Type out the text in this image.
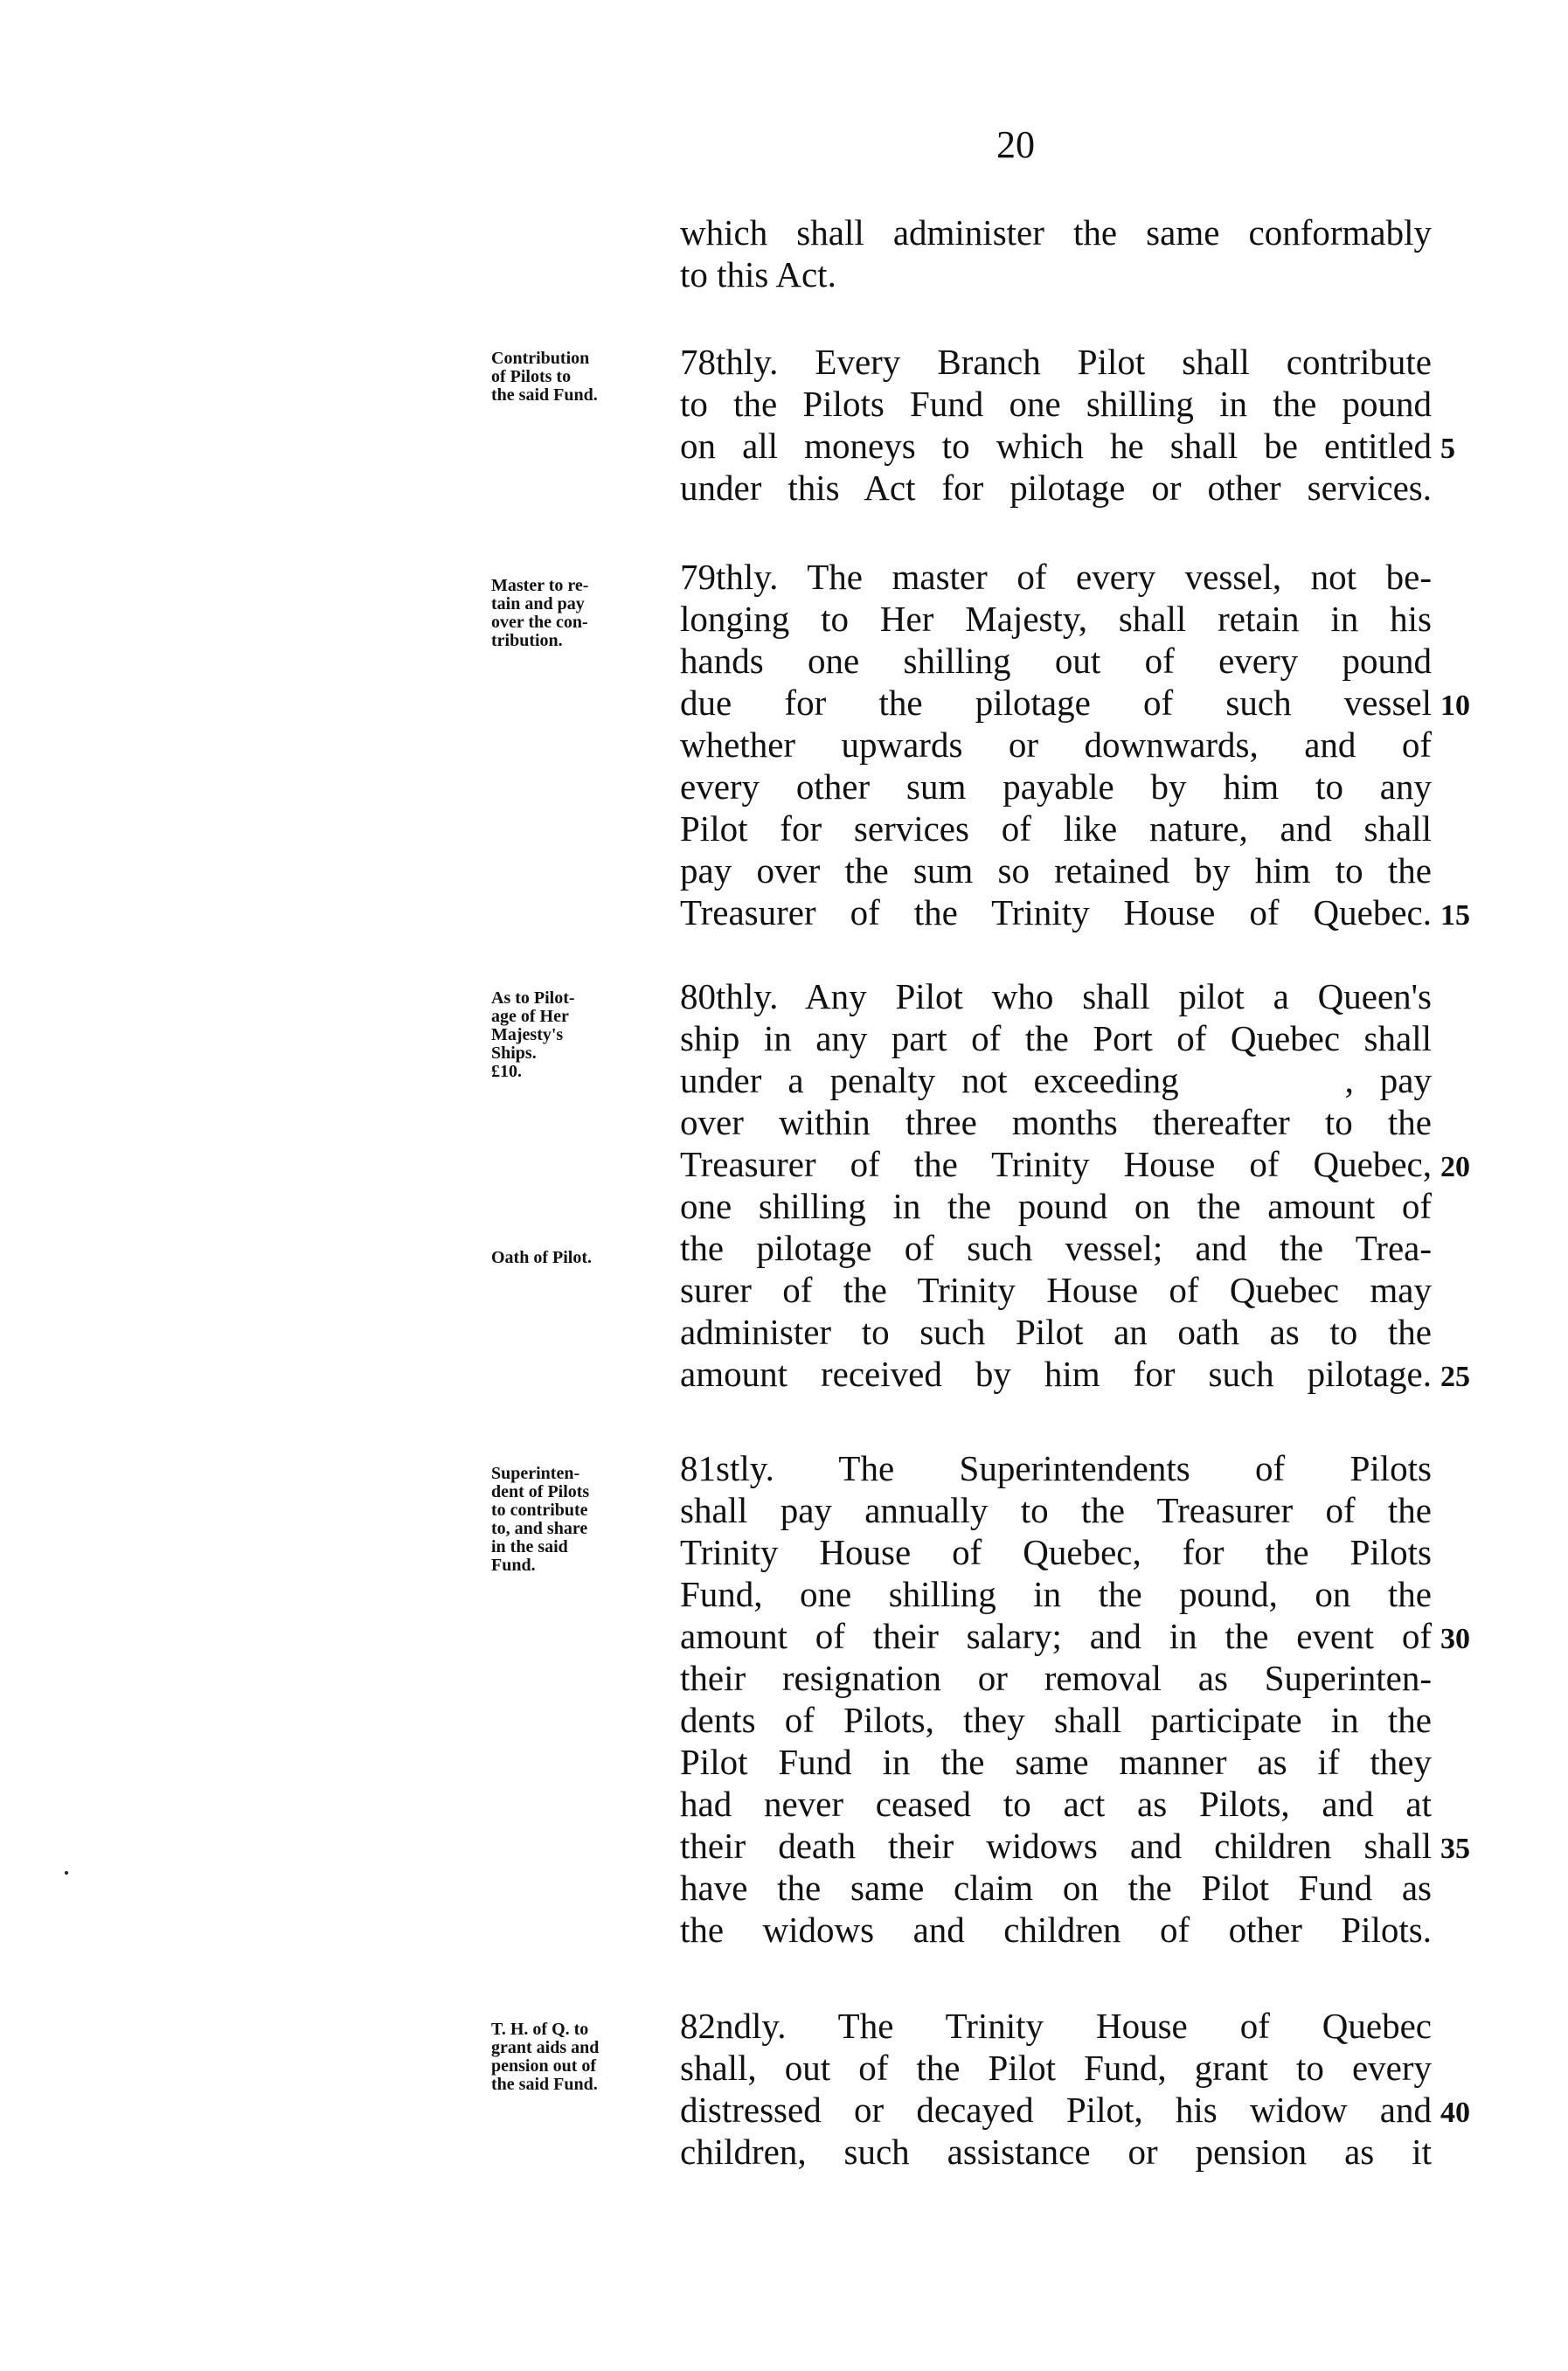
20
which shall administer the same conformably
to this Act.
Contribution
of Pilots to
the said Fund.
78thly. Every Branch Pilot shall contribute
to the Pilots Fund one shilling in the pound
on all moneys to which he shall be entitled
under this Act for pilotage or other services.
5
Master to re-
tain and pay
over the con-
tribution.
79thly. The master of every vessel, not be-
longing to Her Majesty, shall retain in his
hands one shilling out of every pound
due for the pilotage of such vessel
whether upwards or downwards, and of
every other sum payable by him to any
Pilot for services of like nature, and shall
pay over the sum so retained by him to the
Treasurer of the Trinity House of Quebec.
10
15
As to Pilot-
age of Her
Majesty's
Ships.
£10.
Oath of Pilot.
80thly. Any Pilot who shall pilot a Queen's
ship in any part of the Port of Quebec shall
under a penalty not exceeding	, pay
over within three months thereafter to the
Treasurer of the Trinity House of Quebec,
one shilling in the pound on the amount of
the pilotage of such vessel; and the Trea-
surer of the Trinity House of Quebec may
administer to such Pilot an oath as to the
amount received by him for such pilotage.
20
25
Superinten-
dent of Pilots
to contribute
to, and share
in the said
Fund.
81stly. The Superintendents of Pilots
shall pay annually to the Treasurer of the
Trinity House of Quebec, for the Pilots
Fund, one shilling in the pound, on the
amount of their salary; and in the event of
their resignation or removal as Superinten-
dents of Pilots, they shall participate in the
Pilot Fund in the same manner as if they
had never ceased to act as Pilots, and at
their death their widows and children shall
have the same claim on the Pilot Fund as
the widows and children of other Pilots.
30
35
T. H. of Q. to
grant aids and
pension out of
the said Fund.
82ndly. The Trinity House of Quebec
shall, out of the Pilot Fund, grant to every
distressed or decayed Pilot, his widow and
children, such assistance or pension as it
40
